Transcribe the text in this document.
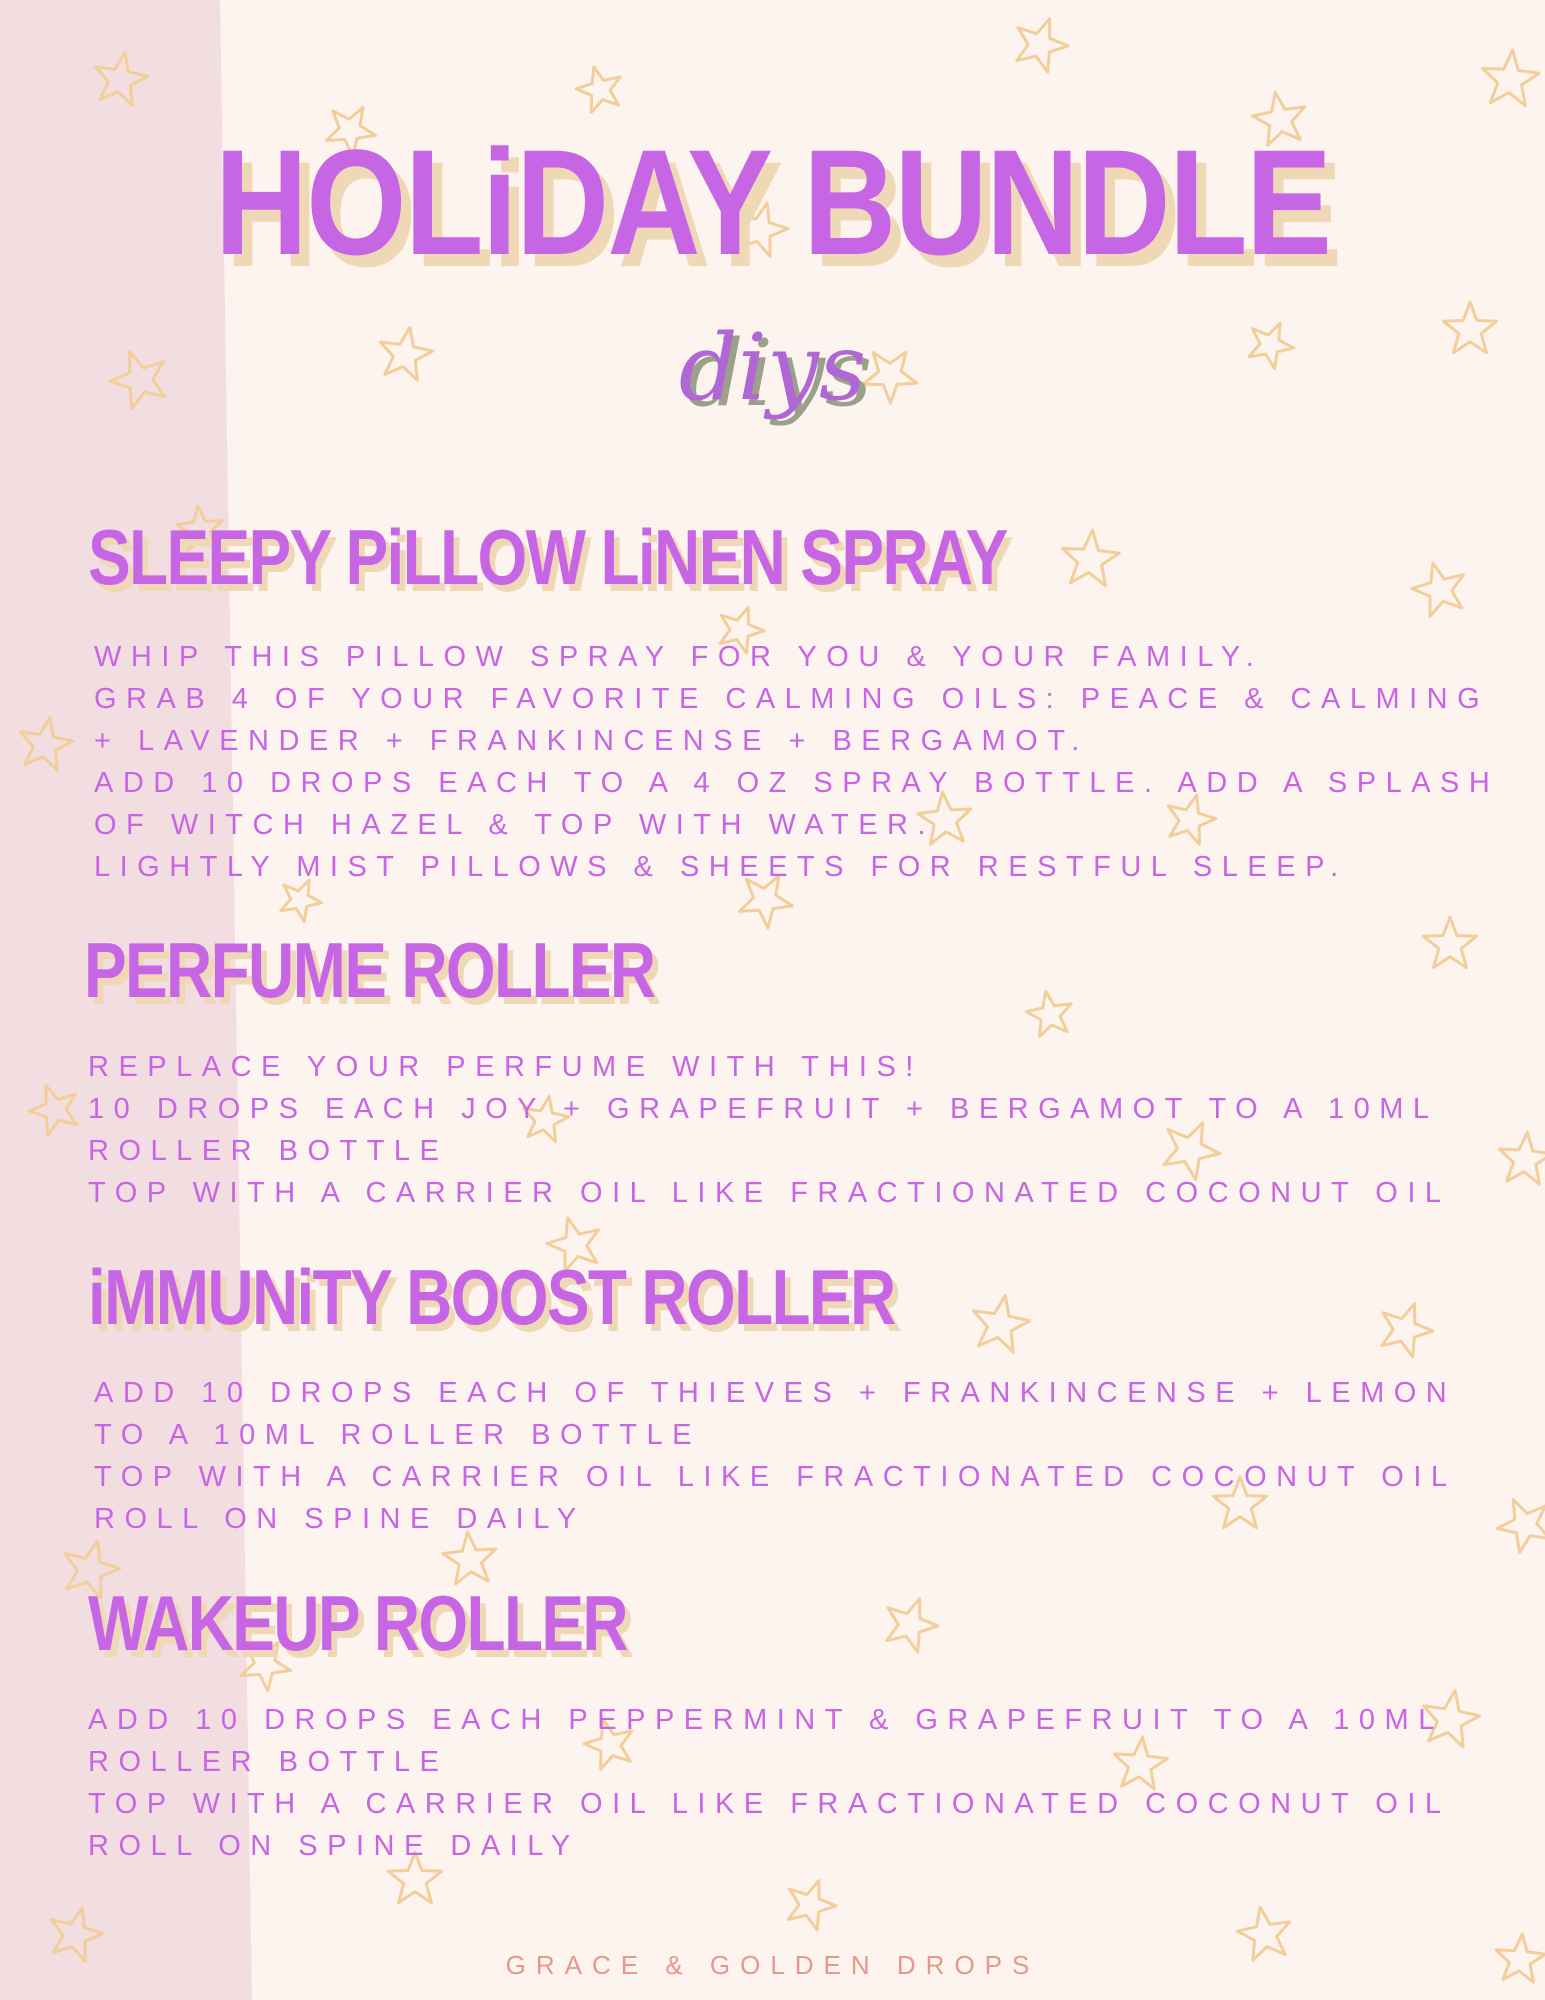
HOLiDAY BUNDLE
diys
SLEEPY PiLLOW LiNEN SPRAY
WHIP THIS PILLOW SPRAY FOR YOU & YOUR FAMILY.
GRAB 4 OF YOUR FAVORITE CALMING OILS: PEACE & CALMING
+ LAVENDER + FRANKINCENSE + BERGAMOT.
ADD 10 DROPS EACH TO A 4 OZ SPRAY BOTTLE. ADD A SPLASH
OF WITCH HAZEL & TOP WITH WATER.
LIGHTLY MIST PILLOWS & SHEETS FOR RESTFUL SLEEP.
PERFUME ROLLER
REPLACE YOUR PERFUME WITH THIS!
10 DROPS EACH JOY + GRAPEFRUIT + BERGAMOT TO A 10ML
ROLLER BOTTLE
TOP WITH A CARRIER OIL LIKE FRACTIONATED COCONUT OIL
iMMUNiTY BOOST ROLLER
ADD 10 DROPS EACH OF THIEVES + FRANKINCENSE + LEMON
TO A 10ML ROLLER BOTTLE
TOP WITH A CARRIER OIL LIKE FRACTIONATED COCONUT OIL
ROLL ON SPINE DAILY
WAKEUP ROLLER
ADD 10 DROPS EACH PEPPERMINT & GRAPEFRUIT TO A 10ML
ROLLER BOTTLE
TOP WITH A CARRIER OIL LIKE FRACTIONATED COCONUT OIL
ROLL ON SPINE DAILY
GRACE & GOLDEN DROPS
